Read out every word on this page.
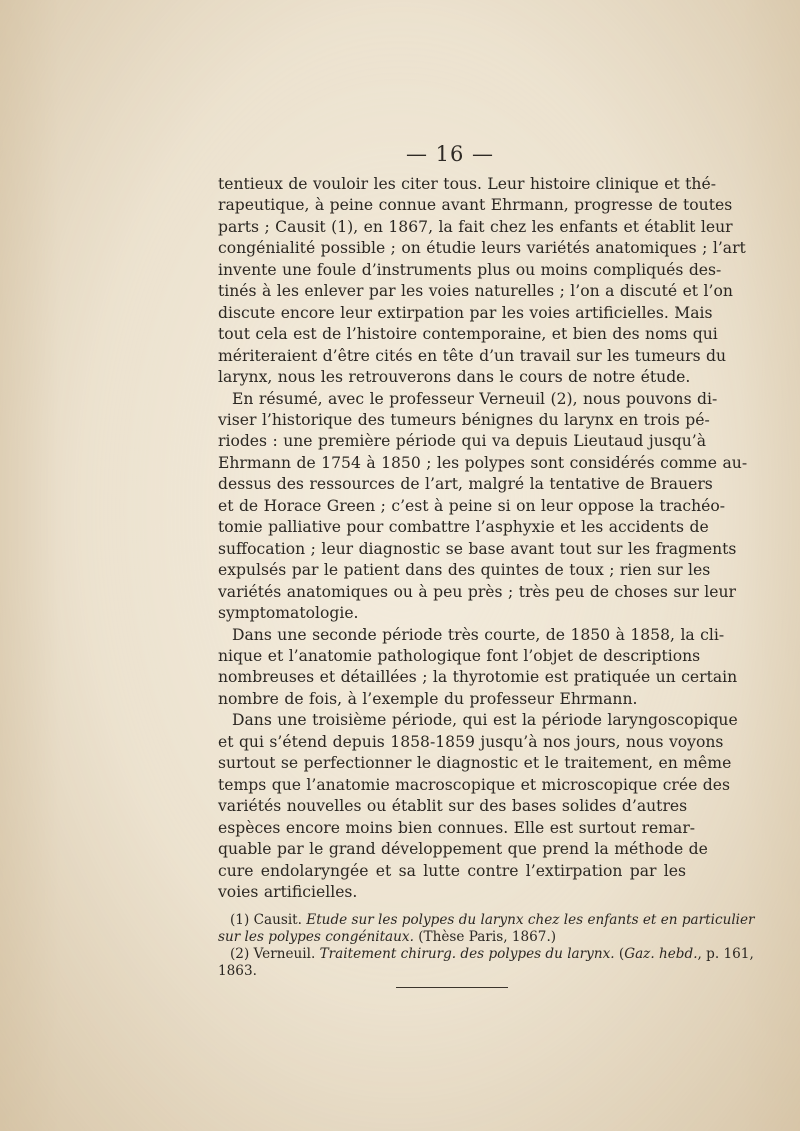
— 16 —

tentieux de vouloir les citer tous. Leur histoire clinique et thé-
rapeutique, à peine connue avant Ehrmann, progresse de toutes
parts ; Causit (1), en 1867, la fait chez les enfants et établit leur
congénialité possible ; on étudie leurs variétés anatomiques ; l’art
invente une foule d’instruments plus ou moins compliqués des-
tinés à les enlever par les voies naturelles ; l’on a discuté et l’on
discute encore leur extirpation par les voies artificielles. Mais
tout cela est de l’histoire contemporaine, et bien des noms qui
mériteraient d’être cités en tête d’un travail sur les tumeurs du
larynx, nous les retrouverons dans le cours de notre étude.

En résumé, avec le professeur Verneuil (2), nous pouvons di-
viser l’historique des tumeurs bénignes du larynx en trois pé-
riodes : une première période qui va depuis Lieutaud jusqu’à
Ehrmann de 1754 à 1850 ; les polypes sont considérés comme au-
dessus des ressources de l’art, malgré la tentative de Brauers
et de Horace Green ; c’est à peine si on leur oppose la trachéo-
tomie palliative pour combattre l’asphyxie et les accidents de
suffocation ; leur diagnostic se base avant tout sur les fragments
expulsés par le patient dans des quintes de toux ; rien sur les
variétés anatomiques ou à peu près ; très peu de choses sur leur
symptomatologie.

Dans une seconde période très courte, de 1850 à 1858, la cli-
nique et l’anatomie pathologique font l’objet de descriptions
nombreuses et détaillées ; la thyrotomie est pratiquée un certain
nombre de fois, à l’exemple du professeur Ehrmann.

Dans une troisième période, qui est la période laryngoscopique
et qui s’étend depuis 1858-1859 jusqu’à nos jours, nous voyons
surtout se perfectionner le diagnostic et le traitement, en même
temps que l’anatomie macroscopique et microscopique crée des
variétés nouvelles ou établit sur des bases solides d’autres
espèces encore moins bien connues. Elle est surtout remar-
quable par le grand développement que prend la méthode de
cure endolaryngée et sa lutte contre l’extirpation par les
voies artificielles.

(1) Causit. Etude sur les polypes du larynx chez les enfants et en particulier
sur les polypes congénitaux. (Thèse Paris, 1867.)
(2) Verneuil. Traitement chirurg. des polypes du larynx. (Gaz. hebd., p. 161,
1863.
